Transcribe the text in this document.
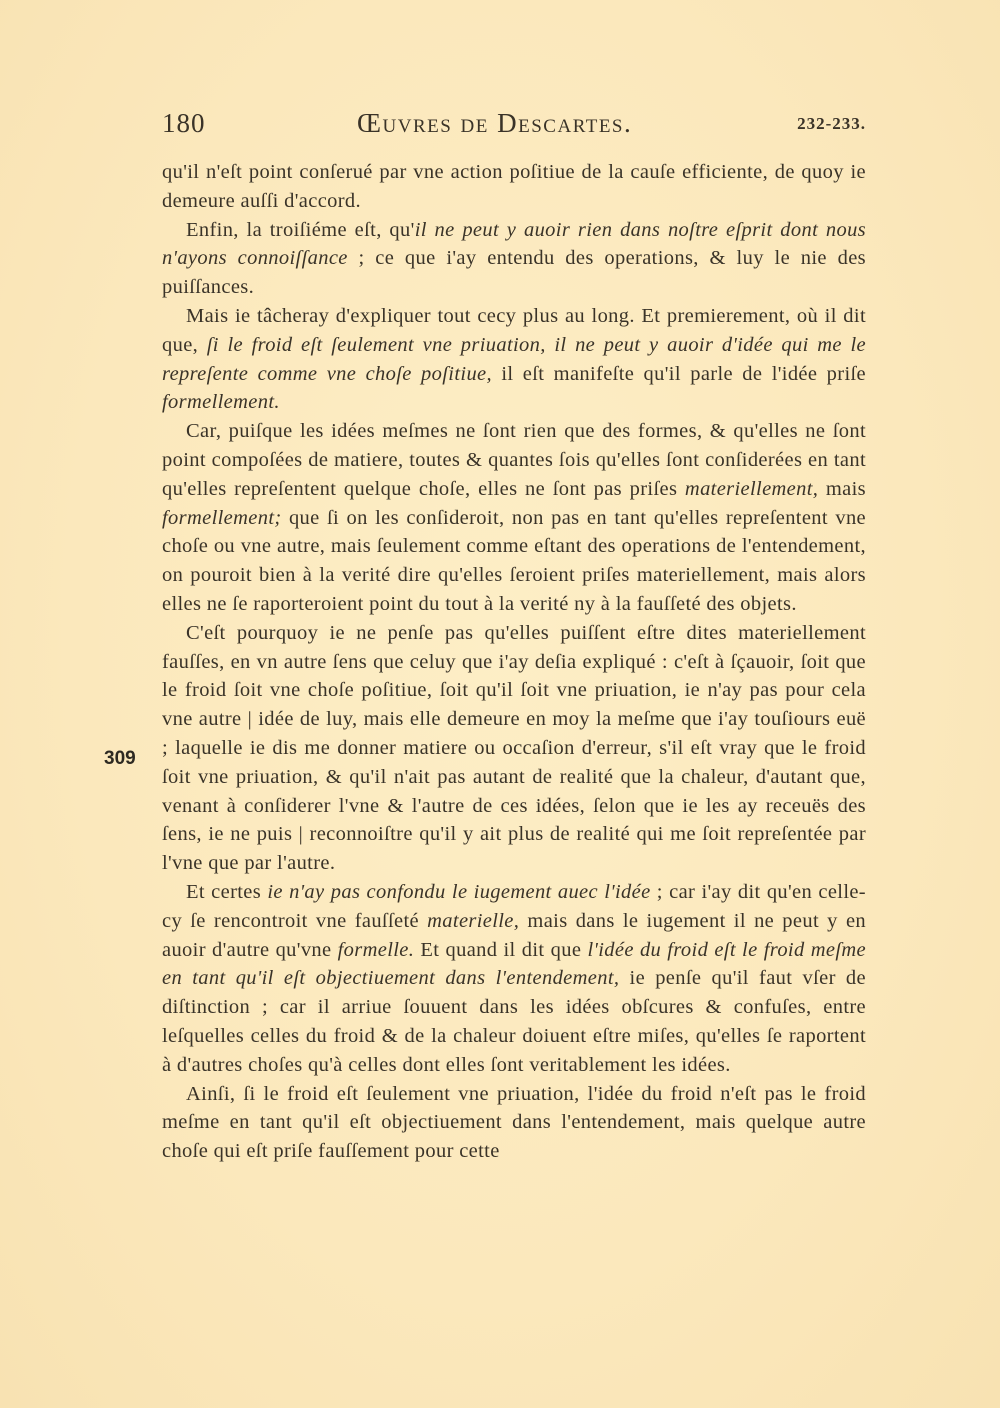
180	Œuvres de Descartes.	232-233.
309

qu'il n'eſt point conſerué par vne action poſitiue de la cauſe efficiente, de quoy ie demeure auſſi d'accord.

Enfin, la troiſiéme eſt, qu'il ne peut y auoir rien dans noſtre eſprit dont nous n'ayons connoiſſance ; ce que i'ay entendu des operations, & luy le nie des puiſſances.

Mais ie tâcheray d'expliquer tout cecy plus au long. Et premierement, où il dit que, ſi le froid eſt ſeulement vne priuation, il ne peut y auoir d'idée qui me le repreſente comme vne choſe poſitiue, il eſt manifeſte qu'il parle de l'idée priſe formellement.

Car, puiſque les idées meſmes ne ſont rien que des formes, & qu'elles ne ſont point compoſées de matiere, toutes & quantes ſois qu'elles ſont conſiderées en tant qu'elles repreſentent quelque choſe, elles ne ſont pas priſes materiellement, mais formellement; que ſi on les conſideroit, non pas en tant qu'elles repreſentent vne choſe ou vne autre, mais ſeulement comme eſtant des operations de l'entendement, on pouroit bien à la verité dire qu'elles ſeroient priſes materiellement, mais alors elles ne ſe raporteroient point du tout à la verité ny à la fauſſeté des objets.

C'eſt pourquoy ie ne penſe pas qu'elles puiſſent eſtre dites materiellement fauſſes, en vn autre ſens que celuy que i'ay deſia expliqué : c'eſt à ſçauoir, ſoit que le froid ſoit vne choſe poſitiue, ſoit qu'il ſoit vne priuation, ie n'ay pas pour cela vne autre | idée de luy, mais elle demeure en moy la meſme que i'ay touſiours euë ; laquelle ie dis me donner matiere ou occaſion d'erreur, s'il eſt vray que le froid ſoit vne priuation, & qu'il n'ait pas autant de realité que la chaleur, d'autant que, venant à conſiderer l'vne & l'autre de ces idées, ſelon que ie les ay receuës des ſens, ie ne puis | reconnoiſtre qu'il y ait plus de realité qui me ſoit repreſentée par l'vne que par l'autre.

Et certes ie n'ay pas confondu le iugement auec l'idée ; car i'ay dit qu'en celle-cy ſe rencontroit vne fauſſeté materielle, mais dans le iugement il ne peut y en auoir d'autre qu'vne formelle. Et quand il dit que l'idée du froid eſt le froid meſme en tant qu'il eſt objectiuement dans l'entendement, ie penſe qu'il faut vſer de diſtinction ; car il arriue ſouuent dans les idées obſcures & confuſes, entre leſquelles celles du froid & de la chaleur doiuent eſtre miſes, qu'elles ſe raportent à d'autres choſes qu'à celles dont elles ſont veritablement les idées.

Ainſi, ſi le froid eſt ſeulement vne priuation, l'idée du froid n'eſt pas le froid meſme en tant qu'il eſt objectiuement dans l'entendement, mais quelque autre choſe qui eſt priſe fauſſement pour cette
